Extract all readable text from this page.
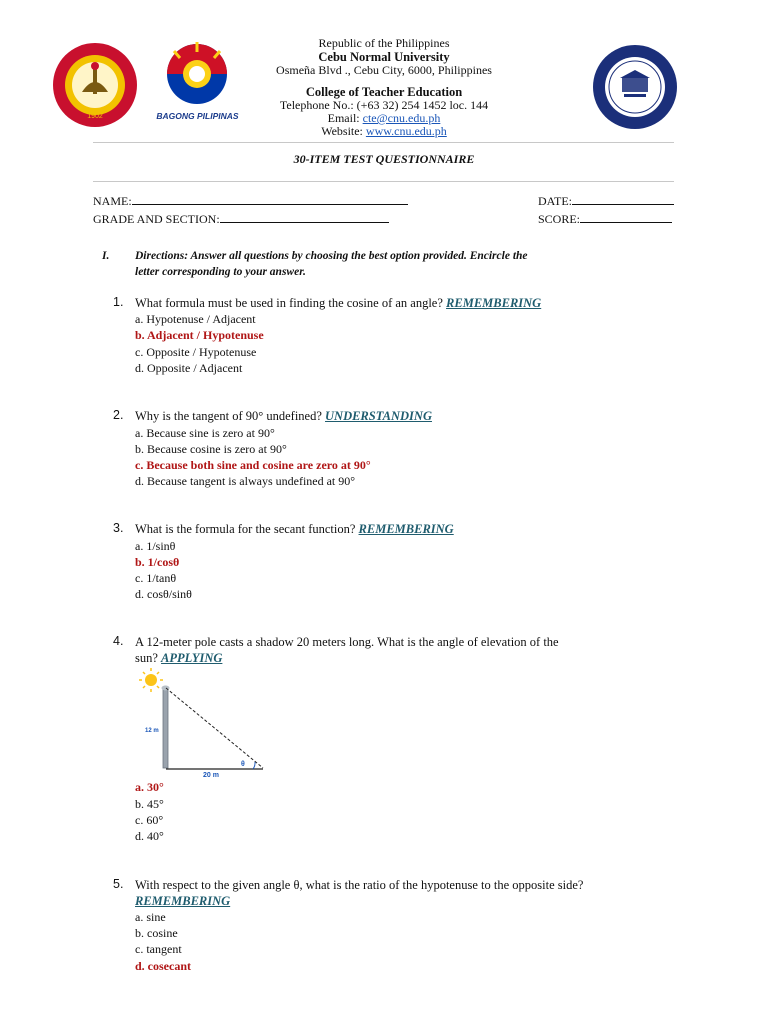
1902	BAGONG PILIPINAS
Republic of the Philippines
Cebu Normal University
Osmeña Blvd ., Cebu City, 6000, Philippines
College of Teacher Education
Telephone No.: (+63 32) 254 1452 loc. 144
Email: cte@cnu.edu.ph
Website: www.cnu.edu.ph
30-ITEM TEST QUESTIONNAIRE
NAME:	DATE:
GRADE AND SECTION:	SCORE:
I. Directions: Answer all questions by choosing the best option provided. Encircle the
letter corresponding to your answer.
1. What formula must be used in finding the cosine of an angle? REMEMBERING
a. Hypotenuse / Adjacent
b. Adjacent / Hypotenuse
c. Opposite / Hypotenuse
d. Opposite / Adjacent
2. Why is the tangent of 90° undefined? UNDERSTANDING
a. Because sine is zero at 90°
b. Because cosine is zero at 90°
c. Because both sine and cosine are zero at 90°
d. Because tangent is always undefined at 90°
3. What is the formula for the secant function? REMEMBERING
a. 1/sinθ
b. 1/cosθ
c. 1/tanθ
d. cosθ/sinθ
4. A 12-meter pole casts a shadow 20 meters long. What is the angle of elevation of the
sun? APPLYING
12 m
20 m
θ
a. 30°
b. 45°
c. 60°
d. 40°
5. With respect to the given angle θ, what is the ratio of the hypotenuse to the opposite side?
REMEMBERING
a. sine
b. cosine
c. tangent
d. cosecant
